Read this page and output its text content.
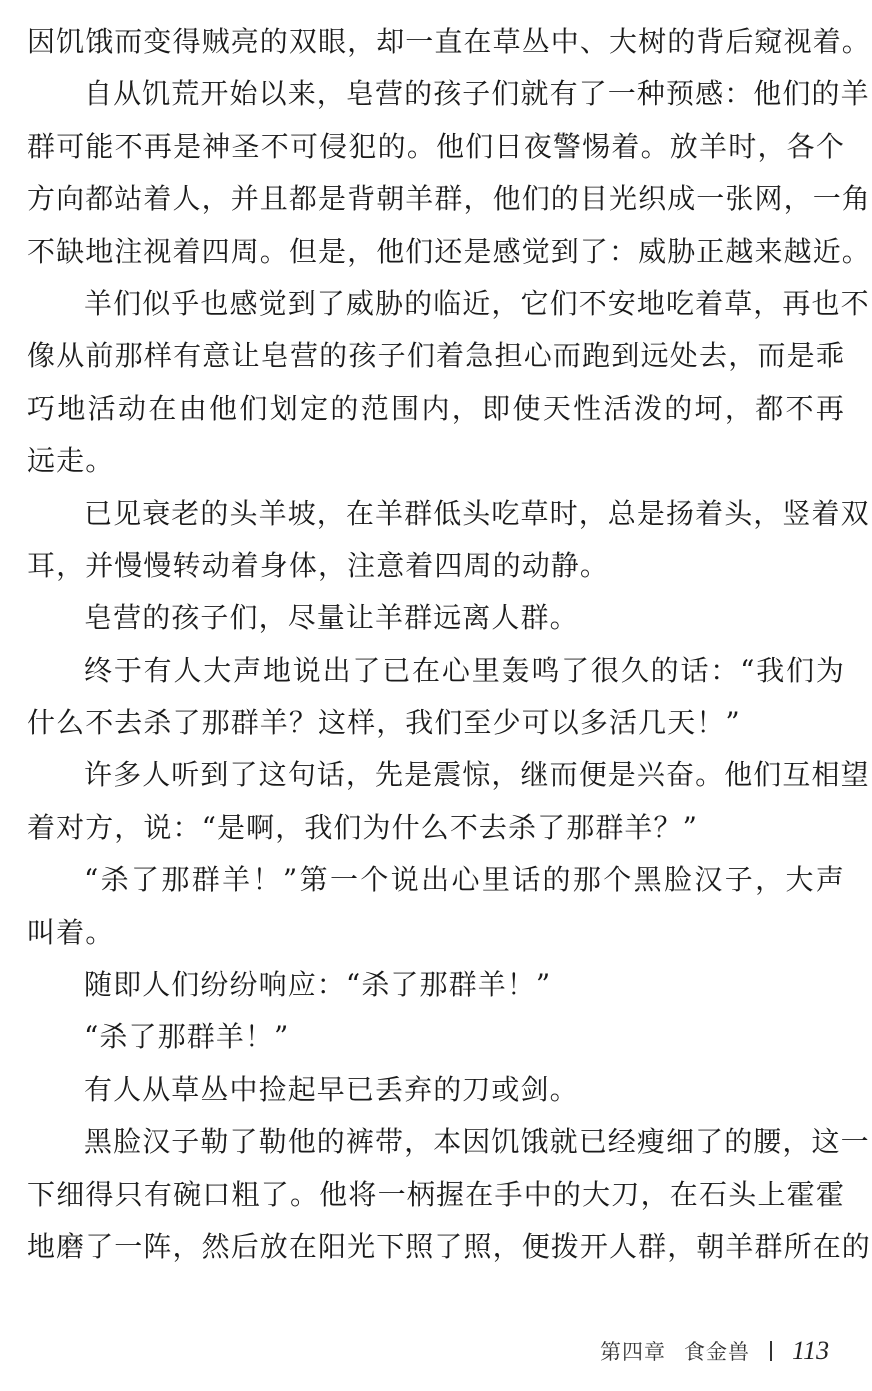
因饥饿而变得贼亮的双眼，却一直在草丛中、大树的背后窥视着。
自从饥荒开始以来，皂营的孩子们就有了一种预感：他们的羊
群可能不再是神圣不可侵犯的。他们日夜警惕着。放羊时，各个
方向都站着人，并且都是背朝羊群，他们的目光织成一张网，一角
不缺地注视着四周。但是，他们还是感觉到了：威胁正越来越近。
羊们似乎也感觉到了威胁的临近，它们不安地吃着草，再也不
像从前那样有意让皂营的孩子们着急担心而跑到远处去，而是乖
巧地活动在由他们划定的范围内，即使天性活泼的坷，都不再
远走。
已见衰老的头羊坡，在羊群低头吃草时，总是扬着头，竖着双
耳，并慢慢转动着身体，注意着四周的动静。
皂营的孩子们，尽量让羊群远离人群。
终于有人大声地说出了已在心里轰鸣了很久的话：“我们为
什么不去杀了那群羊？这样，我们至少可以多活几天！”
许多人听到了这句话，先是震惊，继而便是兴奋。他们互相望
着对方，说：“是啊，我们为什么不去杀了那群羊？”
“杀了那群羊！”第一个说出心里话的那个黑脸汉子，大声
叫着。
随即人们纷纷响应：“杀了那群羊！”
“杀了那群羊！”
有人从草丛中捡起早已丢弃的刀或剑。
黑脸汉子勒了勒他的裤带，本因饥饿就已经瘦细了的腰，这一
下细得只有碗口粗了。他将一柄握在手中的大刀，在石头上霍霍
地磨了一阵，然后放在阳光下照了照，便拨开人群，朝羊群所在的
第四章 食金兽 113
